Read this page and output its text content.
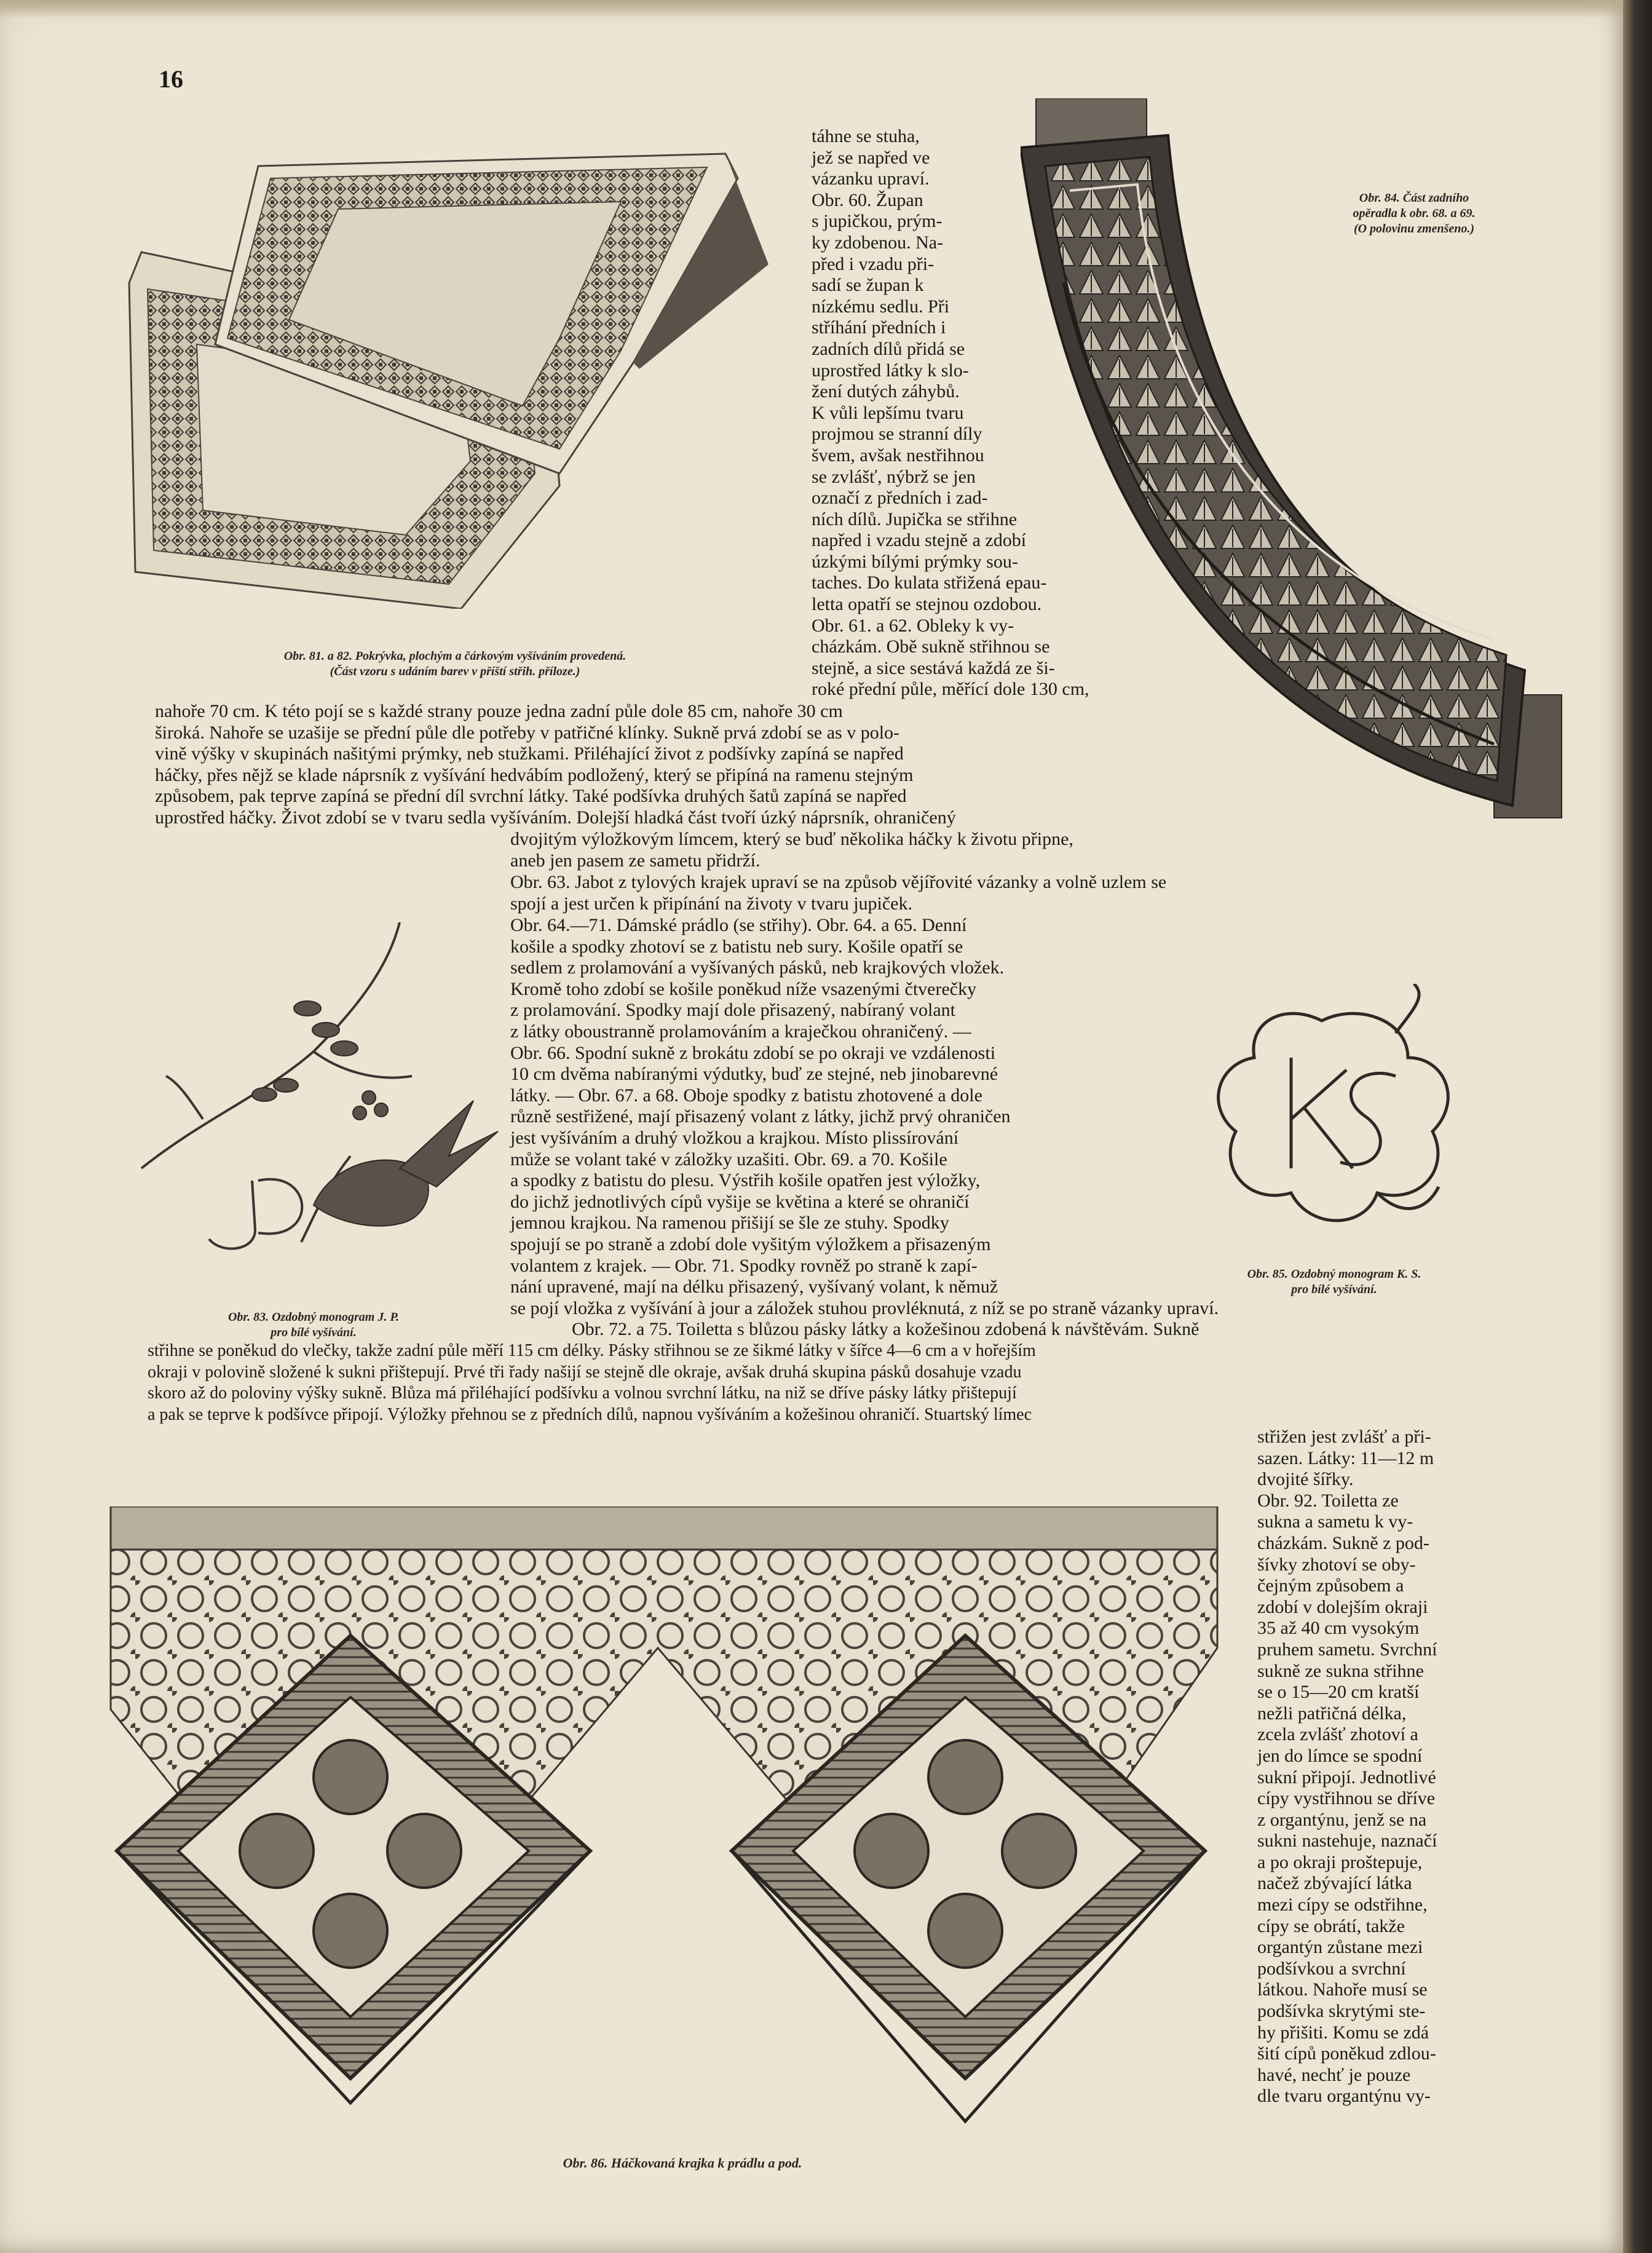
16
Obr. 81. a 82. Pokrývka, plochým a čárkovým vyšíváním provedená.
(Část vzoru s udáním barev v příští střih. příloze.)
Obr. 84. Část zadního
opěradla k obr. 68. a 69.
(O polovinu zmenšeno.)
Obr. 83. Ozdobný monogram J. P.
pro bílé vyšívání.
Obr. 85. Ozdobný monogram K. S.
pro bílé vyšívání.
Obr. 86. Háčkovaná krajka k prádlu a pod.
táhne se stuha,
jež se napřed ve
vázanku upraví.
Obr. 60. Župan
s jupičkou, prým-
ky zdobenou. Na-
před i vzadu při-
sadí se župan k
nízkému sedlu. Při
stříhání předních i
zadních dílů přidá se
uprostřed látky k slo-
žení dutých záhybů.
K vůli lepšímu tvaru
projmou se stranní díly
švem, avšak nestřihnou
se zvlášť, nýbrž se jen
označí z předních i zad-
ních dílů. Jupička se střihne
napřed i vzadu stejně a zdobí
úzkými bílými prýmky sou-
taches. Do kulata střižená epau-
letta opatří se stejnou ozdobou.
Obr. 61. a 62. Obleky k vy-
cházkám. Obě sukně střihnou se
stejně, a sice sestává každá ze ši-
roké přední půle, měřící dole 130 cm,
nahoře 70 cm. K této pojí se s každé strany pouze jedna zadní půle dole 85 cm, nahoře 30 cm
široká. Nahoře se uzašije se přední půle dle potřeby v patřičné klínky. Sukně prvá zdobí se as v polo-
vině výšky v skupinách našitými prýmky, neb stužkami. Přiléhající život z podšívky zapíná se napřed
háčky, přes nějž se klade náprsník z vyšívání hedvábím podložený, který se připíná na ramenu stejným
způsobem, pak teprve zapíná se přední díl svrchní látky. Také podšívka druhých šatů zapíná se napřed
uprostřed háčky. Život zdobí se v tvaru sedla vyšíváním. Dolejší hladká část tvoří úzký náprsník, ohraničený
dvojitým výložkovým límcem, který se buď několika háčky k životu připne,
aneb jen pasem ze sametu přidrží.
Obr. 63. Jabot z tylových krajek upraví se na způsob vějířovité vázanky a volně uzlem se
spojí a jest určen k připínání na životy v tvaru jupiček.
Obr. 64.—71. Dámské prádlo (se střihy). Obr. 64. a 65. Denní
košile a spodky zhotoví se z batistu neb sury. Košile opatří se
sedlem z prolamování a vyšívaných pásků, neb krajkových vložek.
Kromě toho zdobí se košile poněkud níže vsazenými čtverečky
z prolamování. Spodky mají dole přisazený, nabíraný volant
z látky oboustranně prolamováním a kraječkou ohraničený. —
Obr. 66. Spodní sukně z brokátu zdobí se po okraji ve vzdálenosti
10 cm dvěma nabíranými výdutky, buď ze stejné, neb jinobarevné
látky. — Obr. 67. a 68. Oboje spodky z batistu zhotovené a dole
různě sestřižené, mají přisazený volant z látky, jichž prvý ohraničen
jest vyšíváním a druhý vložkou a krajkou. Místo plissírování
může se volant také v záložky uzašiti. Obr. 69. a 70. Košile
a spodky z batistu do plesu. Výstřih košile opatřen jest výložky,
do jichž jednotlivých cípů vyšije se květina a které se ohraničí
jemnou krajkou. Na ramenou přišijí se šle ze stuhy. Spodky
spojují se po straně a zdobí dole vyšitým výložkem a přisazeným
volantem z krajek. — Obr. 71. Spodky rovněž po straně k zapí-
nání upravené, mají na délku přisazený, vyšívaný volant, k němuž
se pojí vložka z vyšívání à jour a záložek stuhou provléknutá, z níž se po straně vázanky upraví.
Obr. 72. a 75. Toiletta s blůzou pásky látky a kožešinou zdobená k návštěvám. Sukně
střihne se poněkud do vlečky, takže zadní půle měří 115 cm délky. Pásky střihnou se ze šikmé látky v šířce 4—6 cm a v hořejším
okraji v polovině složené k sukni přištepují. Prvé tři řady našijí se stejně dle okraje, avšak druhá skupina pásků dosahuje vzadu
skoro až do poloviny výšky sukně. Blůza má přiléhající podšívku a volnou svrchní látku, na niž se dříve pásky látky přištepují
a pak se teprve k podšívce připojí. Výložky přehnou se z předních dílů, napnou vyšíváním a kožešinou ohraničí. Stuartský límec
střižen jest zvlášť a při-
sazen. Látky: 11—12 m
dvojité šířky.
Obr. 92. Toiletta ze
sukna a sametu k vy-
cházkám. Sukně z pod-
šívky zhotoví se oby-
čejným způsobem a
zdobí v dolejším okraji
35 až 40 cm vysokým
pruhem sametu. Svrchní
sukně ze sukna střihne
se o 15—20 cm kratší
nežli patřičná délka,
zcela zvlášť zhotoví a
jen do límce se spodní
sukní připojí. Jednotlivé
cípy vystřihnou se dříve
z organtýnu, jenž se na
sukni nastehuje, naznačí
a po okraji proštepuje,
načež zbývající látka
mezi cípy se odstřihne,
cípy se obrátí, takže
organtýn zůstane mezi
podšívkou a svrchní
látkou. Nahoře musí se
podšívka skrytými ste-
hy přišiti. Komu se zdá
šití cípů poněkud zdlou-
havé, nechť je pouze
dle tvaru organtýnu vy-
